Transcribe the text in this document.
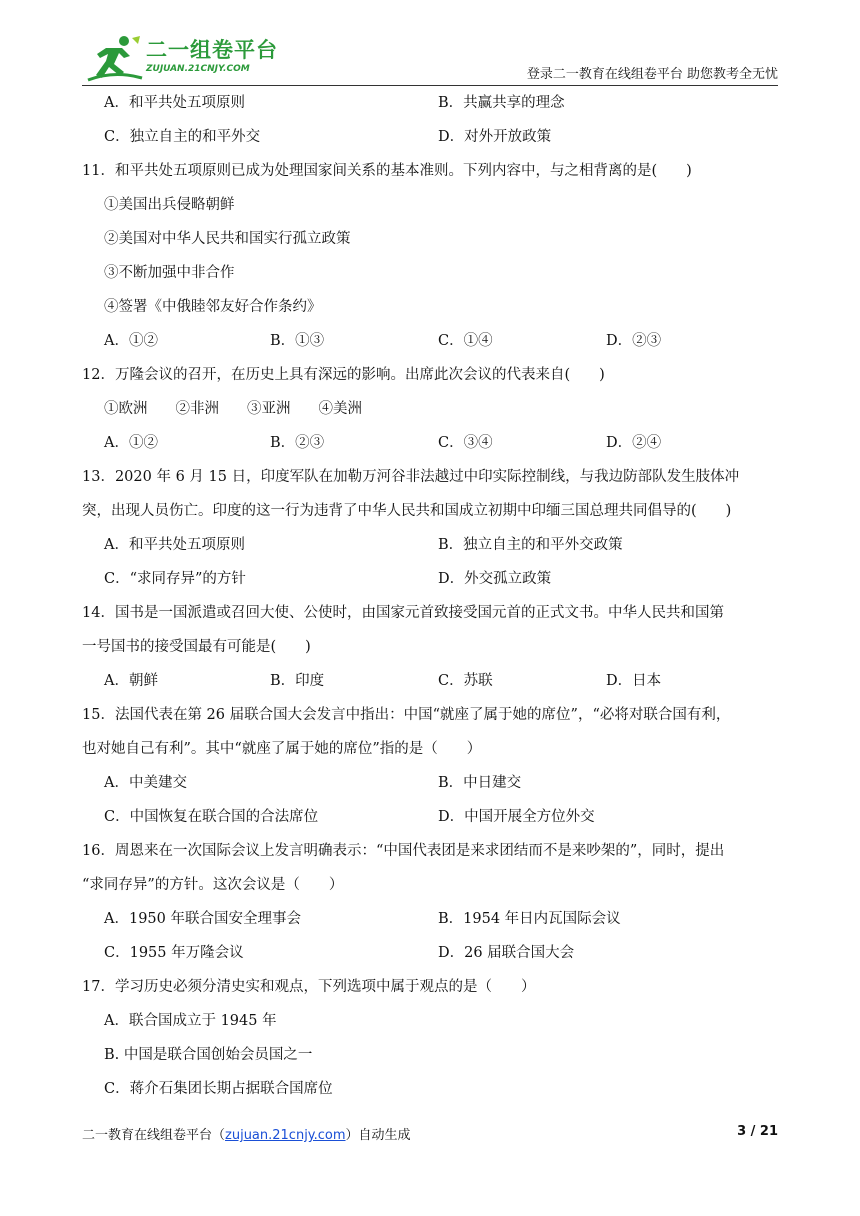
二一组卷平台
ZUJUAN.21CNJY.COM	登录二一教育在线组卷平台 助您教考全无忧
A．和平共处五项原则	B．共赢共享的理念
C．独立自主的和平外交	D．对外开放政策
11．和平共处五项原则已成为处理国家间关系的基本准则。下列内容中，与之相背离的是(　　)
①美国出兵侵略朝鲜
②美国对中华人民共和国实行孤立政策
③不断加强中非合作
④签署《中俄睦邻友好合作条约》
A．①②	B．①③	C．①④	D．②③
12．万隆会议的召开，在历史上具有深远的影响。出席此次会议的代表来自(　　)
①欧洲 ②非洲 ③亚洲 ④美洲
A．①②	B．②③	C．③④	D．②④
13．2020 年 6 月 15 日，印度军队在加勒万河谷非法越过中印实际控制线，与我边防部队发生肢体冲
突，出现人员伤亡。印度的这一行为违背了中华人民共和国成立初期中印缅三国总理共同倡导的(　　)
A．和平共处五项原则	B．独立自主的和平外交政策
C．“求同存异”的方针	D．外交孤立政策
14．国书是一国派遣或召回大使、公使时，由国家元首致接受国元首的正式文书。中华人民共和国第
一号国书的接受国最有可能是(　　)
A．朝鲜	B．印度	C．苏联	D．日本
15．法国代表在第 26 届联合国大会发言中指出：中国“就座了属于她的席位”，“必将对联合国有利，
也对她自己有利”。其中“就座了属于她的席位”指的是（　　）
A．中美建交	B．中日建交
C．中国恢复在联合国的合法席位	D．中国开展全方位外交
16．周恩来在一次国际会议上发言明确表示：“中国代表团是来求团结而不是来吵架的”，同时，提出
“求同存异”的方针。这次会议是（　　）
A．1950 年联合国安全理事会	B．1954 年日内瓦国际会议
C．1955 年万隆会议	D．26 届联合国大会
17．学习历史必须分清史实和观点，下列选项中属于观点的是（　　）
A．联合国成立于 1945 年
B. 中国是联合国创始会员国之一
C．蒋介石集团长期占据联合国席位
二一教育在线组卷平台（zujuan.21cnjy.com）自动生成	3 / 21
